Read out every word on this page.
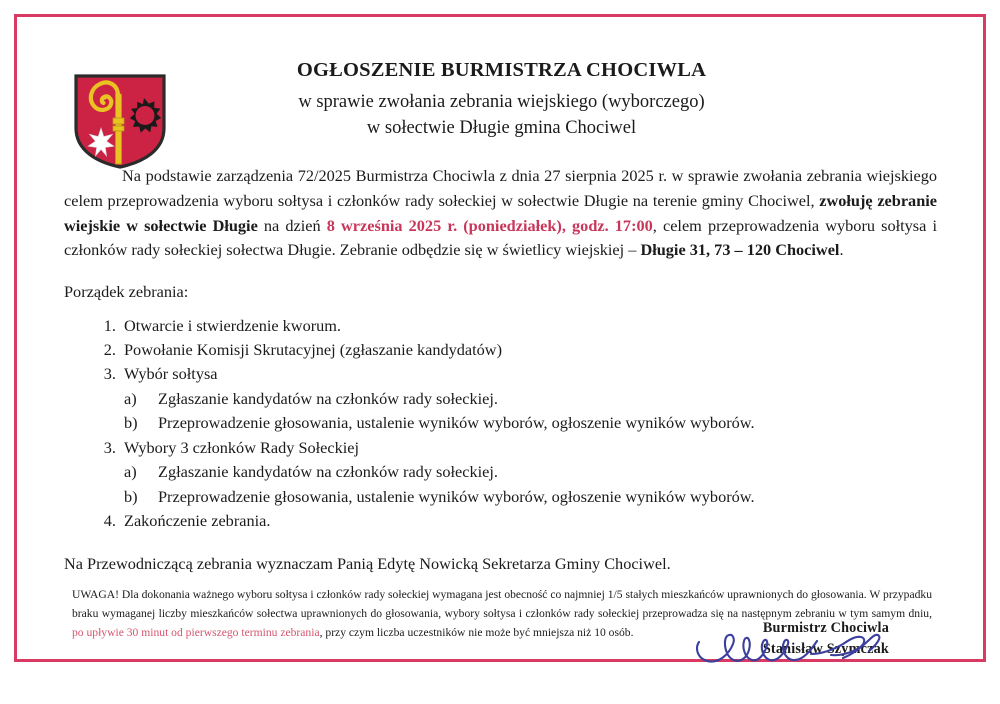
OGŁOSZENIE BURMISTRZA CHOCIWLA
w sprawie zwołania zebrania wiejskiego (wyborczego)
w sołectwie Długie gmina Chociwel

Na podstawie zarządzenia 72/2025 Burmistrza Chociwla z dnia 27 sierpnia 2025 r. w sprawie zwołania zebrania wiejskiego celem przeprowadzenia wyboru sołtysa i członków rady sołeckiej w sołectwie Długie na terenie gminy Chociwel, zwołuję zebranie wiejskie w sołectwie Długie na dzień 8 września 2025 r. (poniedziałek), godz. 17:00, celem przeprowadzenia wyboru sołtysa i członków rady sołeckiej sołectwa Długie. Zebranie odbędzie się w świetlicy wiejskiej – Długie 31, 73 – 120 Chociwel.

Porządek zebrania:
1. Otwarcie i stwierdzenie kworum.
2. Powołanie Komisji Skrutacyjnej (zgłaszanie kandydatów)
3. Wybór sołtysa
a)	Zgłaszanie kandydatów na członków rady sołeckiej.
b)	Przeprowadzenie głosowania, ustalenie wyników wyborów, ogłoszenie wyników wyborów.
3. Wybory 3 członków Rady Sołeckiej
a)	Zgłaszanie kandydatów na członków rady sołeckiej.
b)	Przeprowadzenie głosowania, ustalenie wyników wyborów, ogłoszenie wyników wyborów.
4. Zakończenie zebrania.

Na Przewodniczącą zebrania wyznaczam Panią Edytę Nowicką Sekretarza Gminy Chociwel.

Burmistrz Chociwla
Stanisław Szymczak
UWAGA! Dla dokonania ważnego wyboru sołtysa i członków rady sołeckiej wymagana jest obecność co najmniej 1/5 stałych mieszkańców uprawnionych do głosowania. W przypadku braku wymaganej liczby mieszkańców sołectwa uprawnionych do głosowania, wybory sołtysa i członków rady sołeckiej przeprowadza się na następnym zebraniu w tym samym dniu, po upływie 30 minut od pierwszego terminu zebrania, przy czym liczba uczestników nie może być mniejsza niż 10 osób.
